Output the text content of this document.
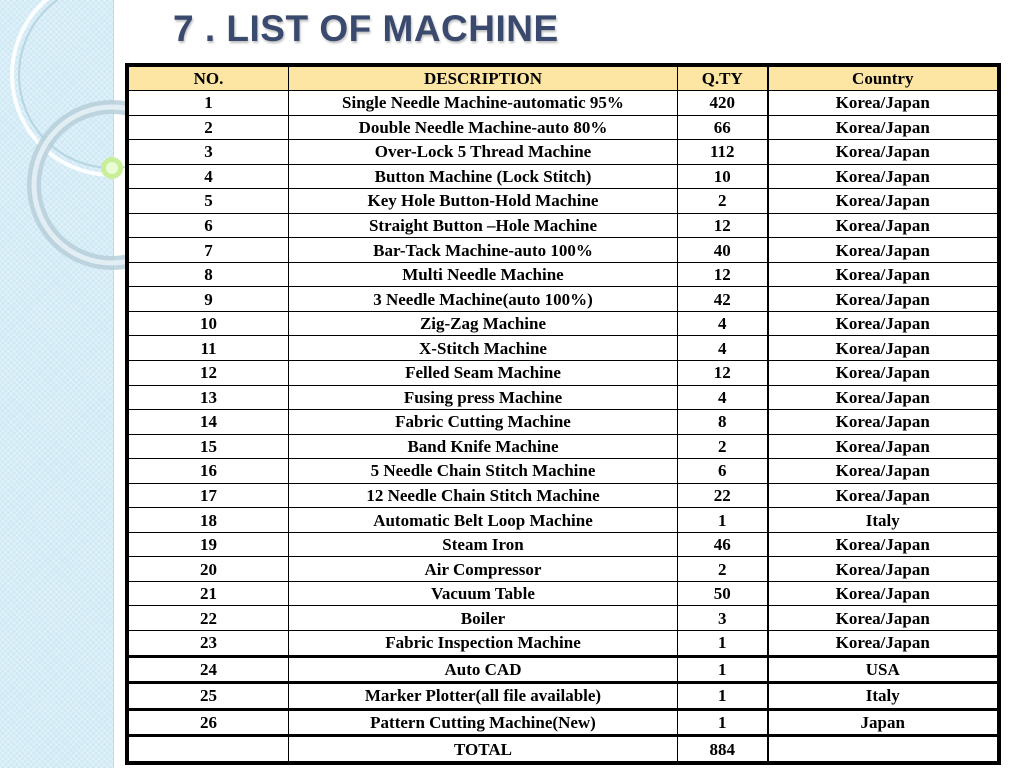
7 . LIST OF MACHINE
NO.	DESCRIPTION	Q.TY	Country
1	Single Needle Machine-automatic 95%	420	Korea/Japan
2	Double Needle Machine-auto 80%	66	Korea/Japan
3	Over-Lock 5 Thread Machine	112	Korea/Japan
4	Button Machine (Lock Stitch)	10	Korea/Japan
5	Key Hole Button-Hold Machine	2	Korea/Japan
6	Straight Button –Hole Machine	12	Korea/Japan
7	Bar-Tack Machine-auto 100%	40	Korea/Japan
8	Multi Needle Machine	12	Korea/Japan
9	3 Needle Machine(auto 100%)	42	Korea/Japan
10	Zig-Zag Machine	4	Korea/Japan
11	X-Stitch Machine	4	Korea/Japan
12	Felled Seam Machine	12	Korea/Japan
13	Fusing press Machine	4	Korea/Japan
14	Fabric Cutting Machine	8	Korea/Japan
15	Band Knife Machine	2	Korea/Japan
16	5 Needle Chain Stitch Machine	6	Korea/Japan
17	12 Needle Chain Stitch Machine	22	Korea/Japan
18	Automatic Belt Loop Machine	1	Italy
19	Steam Iron	46	Korea/Japan
20	Air Compressor	2	Korea/Japan
21	Vacuum Table	50	Korea/Japan
22	Boiler	3	Korea/Japan
23	Fabric Inspection Machine	1	Korea/Japan
24	Auto CAD	1	USA
25	Marker Plotter(all file available)	1	Italy
26	Pattern Cutting Machine(New)	1	Japan
	TOTAL	884	
